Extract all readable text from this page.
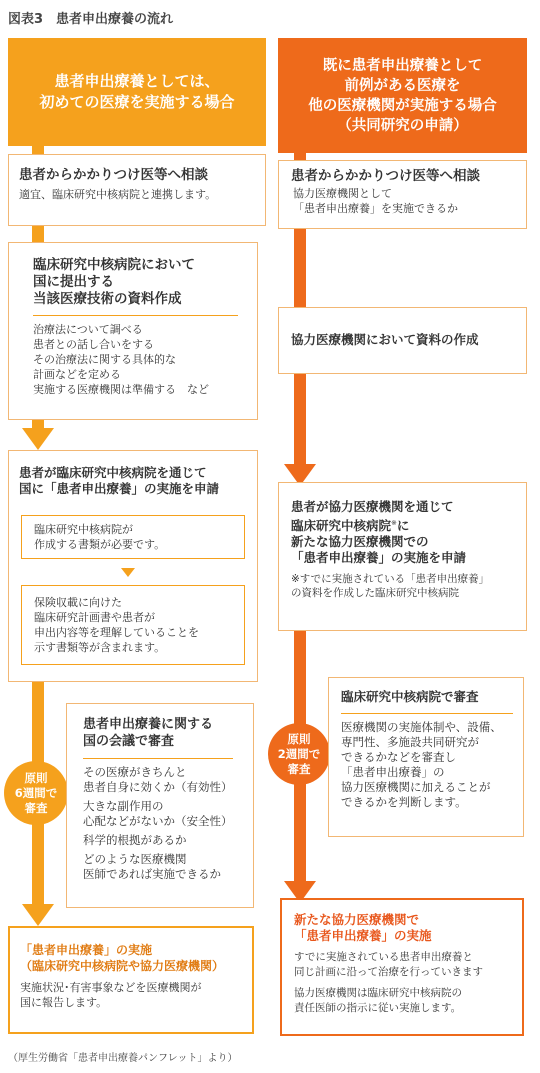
図表3　患者申出療養の流れ
患者申出療養としては、
初めての医療を実施する場合
患者からかかりつけ医等へ相談
適宜、臨床研究中核病院と連携します。
臨床研究中核病院において
国に提出する
当該医療技術の資料作成
治療法について調べる
患者との話し合いをする
その治療法に関する具体的な
計画などを定める
実施する医療機関は準備する　など
患者が臨床研究中核病院を通じて
国に「患者申出療養」の実施を申請
臨床研究中核病院が
作成する書類が必要です。
保険収載に向けた
臨床研究計画書や患者が
申出内容等を理解していることを
示す書類等が含まれます。
原則
6週間で
審査
患者申出療養に関する
国の会議で審査
その医療がきちんと
患者自身に効くか（有効性）
大きな副作用の
心配などがないか（安全性）
科学的根拠があるか
どのような医療機関
医師であれば実施できるか
「患者申出療養」の実施
（臨床研究中核病院や協力医療機関）
実施状況･有害事象などを医療機関が
国に報告します。
既に患者申出療養として
前例がある医療を
他の医療機関が実施する場合
（共同研究の申請）
患者からかかりつけ医等へ相談
協力医療機関として
「患者申出療養」を実施できるか
協力医療機関において資料の作成
患者が協力医療機関を通じて
臨床研究中核病院※に
新たな協力医療機関での
「患者申出療養」の実施を申請
※すでに実施されている「患者申出療養」
の資料を作成した臨床研究中核病院
原則
2週間で
審査
臨床研究中核病院で審査
医療機関の実施体制や、設備、
専門性、多施設共同研究が
できるかなどを審査し
「患者申出療養」の
協力医療機関に加えることが
できるかを判断します。
新たな協力医療機関で
「患者申出療養」の実施
すでに実施されている患者申出療養と
同じ計画に沿って治療を行っていきます
協力医療機関は臨床研究中核病院の
責任医師の指示に従い実施します。
（厚生労働省「患者申出療養パンフレット」より）
